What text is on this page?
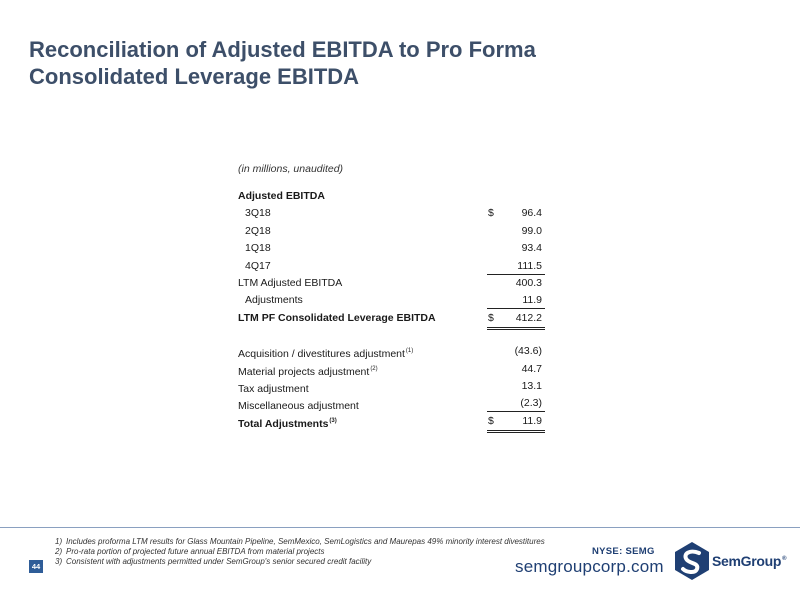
Reconciliation of Adjusted EBITDA to Pro Forma
Consolidated Leverage EBITDA
(in millions, unaudited)
Adjusted EBITDA
3Q18	$	96.4
2Q18	99.0
1Q18	93.4
4Q17	111.5
LTM Adjusted EBITDA	400.3
Adjustments	11.9
LTM PF Consolidated Leverage EBITDA	$ 412.2
Acquisition / divestitures adjustment$^{(1)}$	(43.6)
Material projects adjustment$^{(2)}$	44.7
Tax adjustment	13.1
Miscellaneous adjustment	(2.3)
Total Adjustments$^{(3)}$	$	11.9
44
1) Includes proforma LTM results for Glass Mountain Pipeline, SemMexico, SemLogistics and Maurepas 49% minority interest divestitures
2) Pro-rata portion of projected future annual EBITDA from material projects
3) Consistent with adjustments permitted under SemGroup's senior secured credit facility
NYSE: SEMG
semgroupcorp.com	SemGroup®
